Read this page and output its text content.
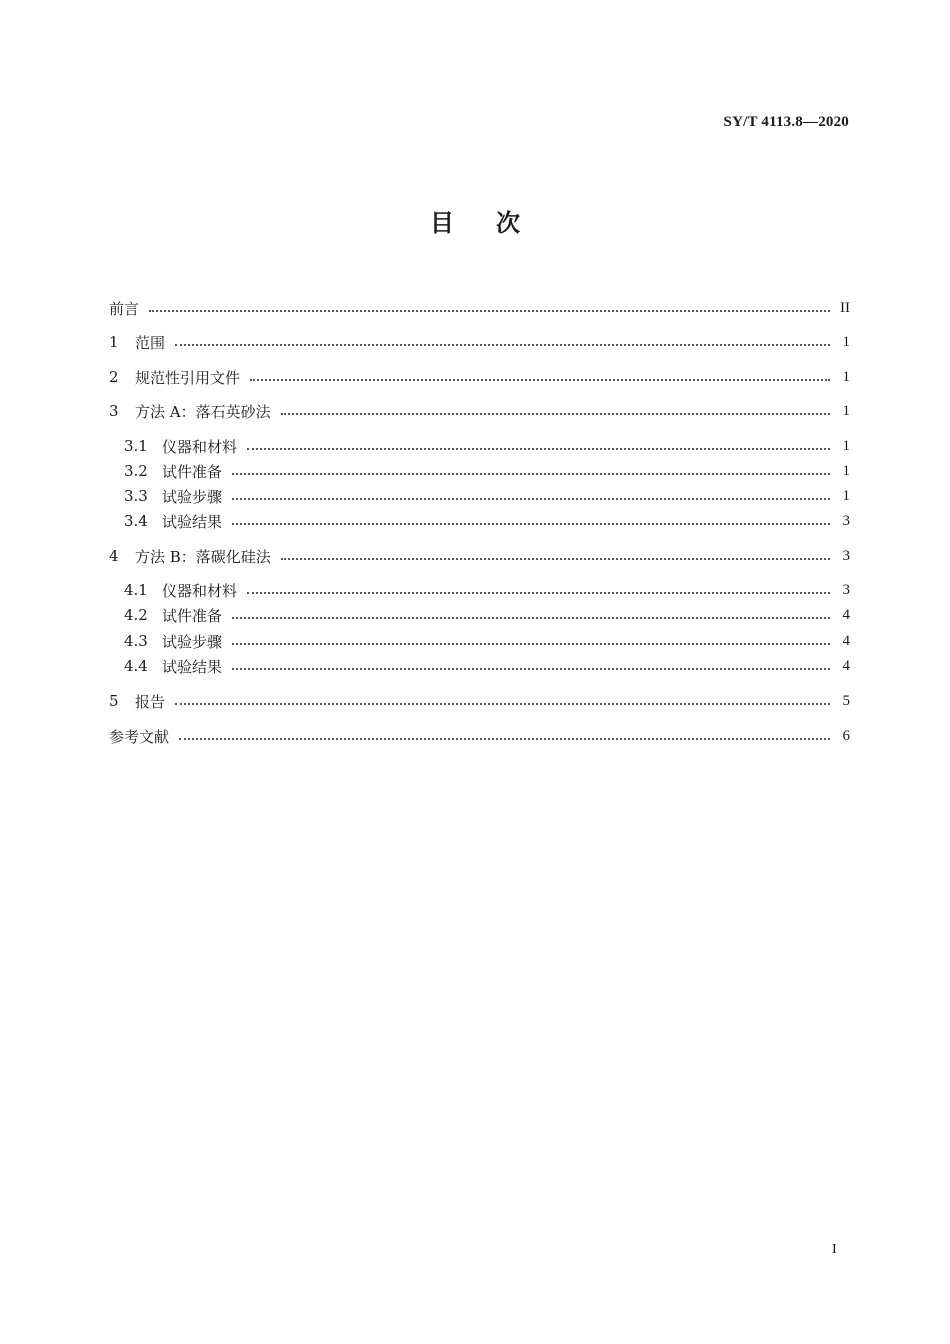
SY/T 4113.8—2020
目次
前言	II
1	范围	1
2	规范性引用文件	1
3	方法 A：落石英砂法	1
3.1 仪器和材料	1
3.2 试件准备	1
3.3 试验步骤	1
3.4 试验结果	3
4	方法 B：落碳化硅法	3
4.1 仪器和材料	3
4.2 试件准备	4
4.3 试验步骤	4
4.4 试验结果	4
5	报告	5
参考文献	6
I
